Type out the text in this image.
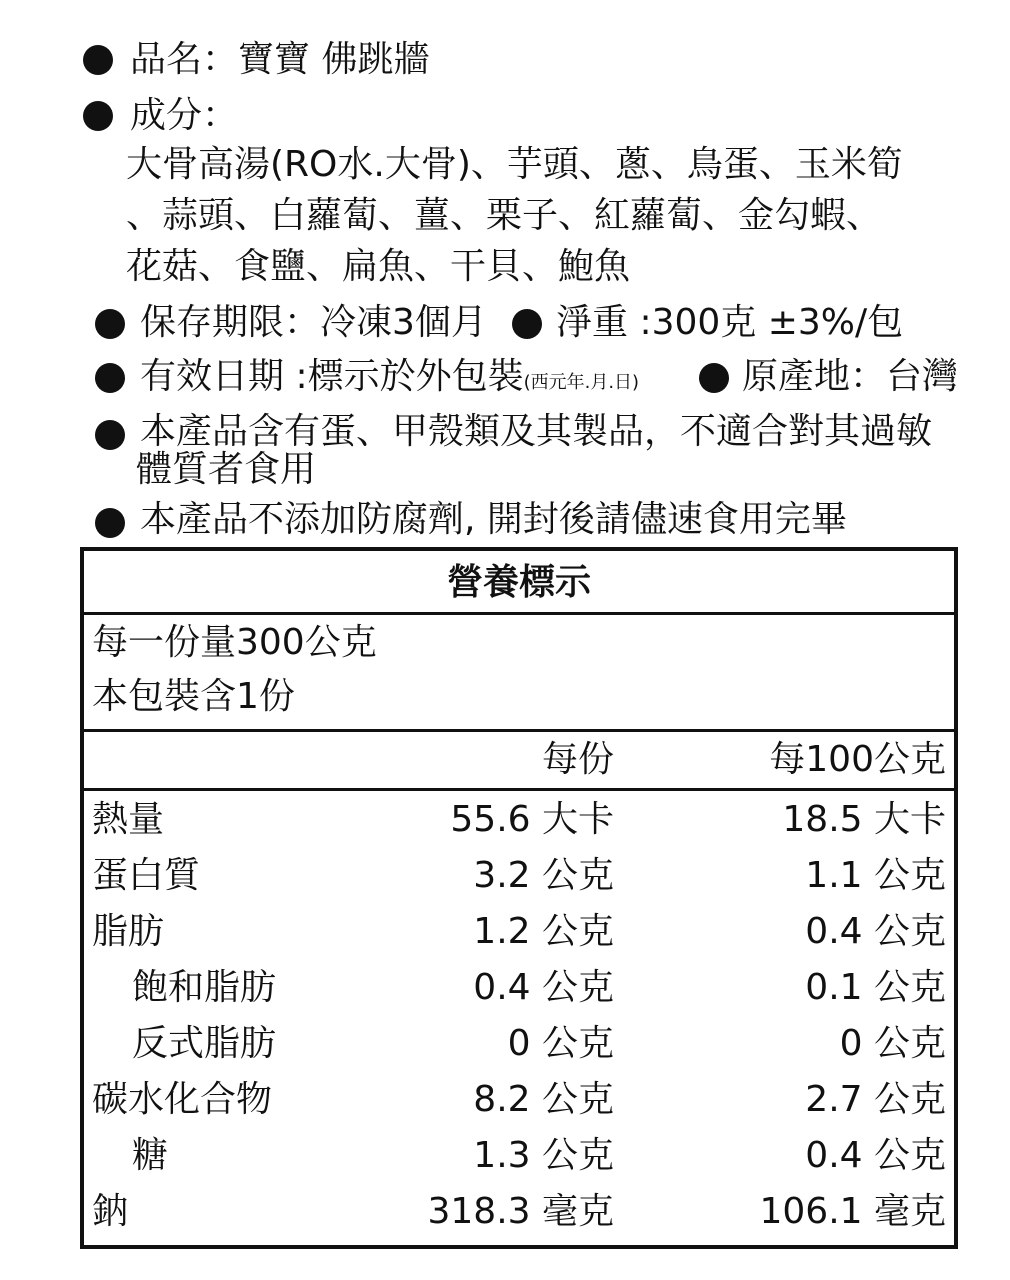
品名：寶寶 佛跳牆
成分：
大骨高湯(RO水.大骨)、芋頭、蔥、鳥蛋、玉米筍
、蒜頭、白蘿蔔、薑、栗子、紅蘿蔔、金勾蝦、
花菇、食鹽、扁魚、干貝、鮑魚
保存期限：冷凍3個月 淨重 :300克 ±3%/包
有效日期 :標示於外包裝(西元年.月.日)	原產地：台灣
本產品含有蛋、甲殼類及其製品，不適合對其過敏
體質者食用
本產品不添加防腐劑, 開封後請儘速食用完畢
營養標示
每一份量300公克
本包裝含1份
每份	每100公克
熱量	55.6 大卡	18.5 大卡
蛋白質	3.2 公克	1.1 公克
脂肪	1.2 公克	0.4 公克
飽和脂肪	0.4 公克	0.1 公克
反式脂肪	0 公克	0 公克
碳水化合物	8.2 公克	2.7 公克
糖	1.3 公克	0.4 公克
鈉	318.3 毫克	106.1 毫克
